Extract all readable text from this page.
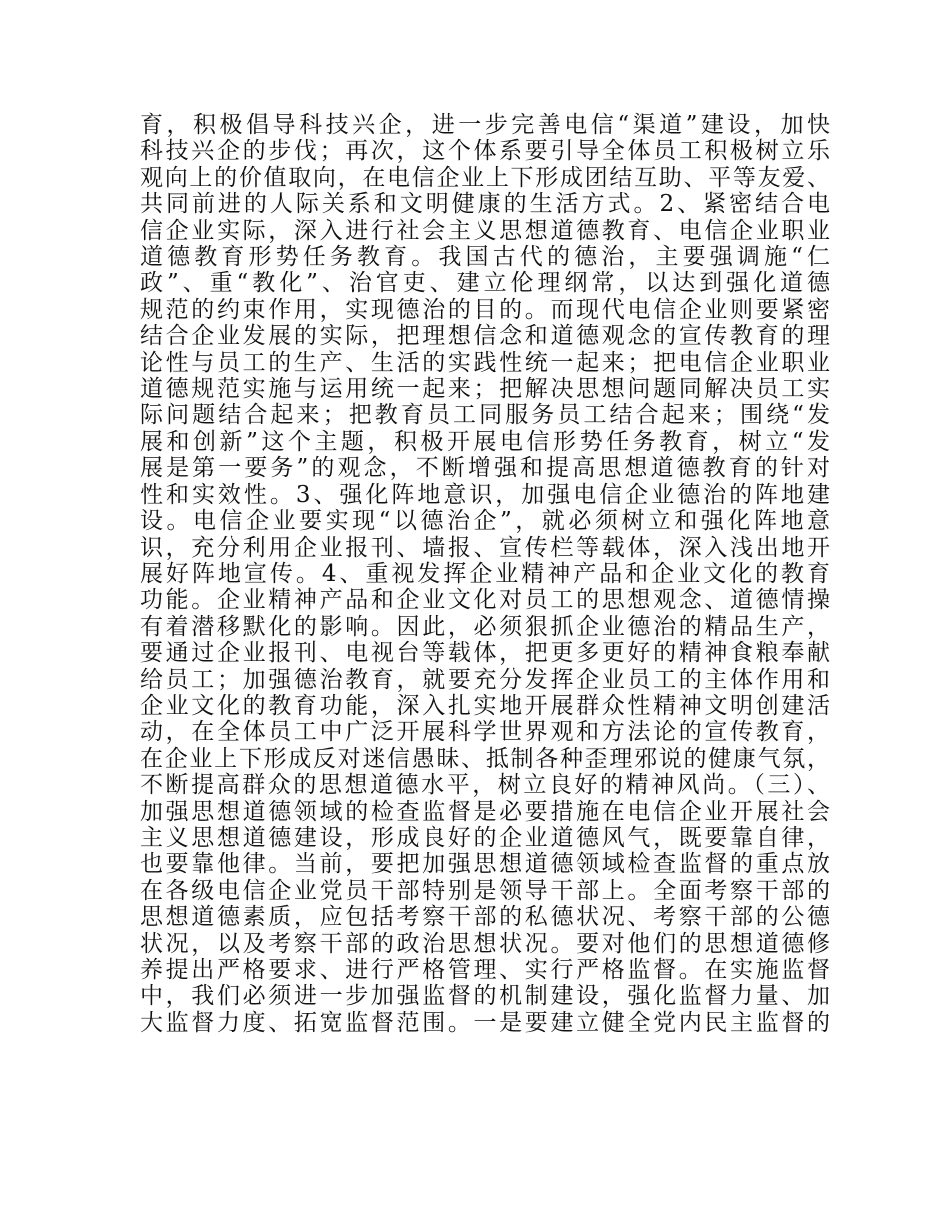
育，积极倡导科技兴企，进一步完善电信“渠道”建设，加快
科技兴企的步伐；再次，这个体系要引导全体员工积极树立乐
观向上的价值取向，在电信企业上下形成团结互助、平等友爱、
共同前进的人际关系和文明健康的生活方式。2、紧密结合电
信企业实际，深入进行社会主义思想道德教育、电信企业职业
道德教育形势任务教育。我国古代的德治，主要强调施“仁
政”、重“教化”、治官吏、建立伦理纲常，以达到强化道德
规范的约束作用，实现德治的目的。而现代电信企业则要紧密
结合企业发展的实际，把理想信念和道德观念的宣传教育的理
论性与员工的生产、生活的实践性统一起来；把电信企业职业
道德规范实施与运用统一起来；把解决思想问题同解决员工实
际问题结合起来；把教育员工同服务员工结合起来；围绕“发
展和创新”这个主题，积极开展电信形势任务教育，树立“发
展是第一要务”的观念，不断增强和提高思想道德教育的针对
性和实效性。3、强化阵地意识，加强电信企业德治的阵地建
设。电信企业要实现“以德治企”，就必须树立和强化阵地意
识，充分利用企业报刊、墙报、宣传栏等载体，深入浅出地开
展好阵地宣传。4、重视发挥企业精神产品和企业文化的教育
功能。企业精神产品和企业文化对员工的思想观念、道德情操
有着潜移默化的影响。因此，必须狠抓企业德治的精品生产，
要通过企业报刊、电视台等载体，把更多更好的精神食粮奉献
给员工；加强德治教育，就要充分发挥企业员工的主体作用和
企业文化的教育功能，深入扎实地开展群众性精神文明创建活
动，在全体员工中广泛开展科学世界观和方法论的宣传教育，
在企业上下形成反对迷信愚昧、抵制各种歪理邪说的健康气氛，
不断提高群众的思想道德水平，树立良好的精神风尚。（三）、
加强思想道德领域的检查监督是必要措施在电信企业开展社会
主义思想道德建设，形成良好的企业道德风气，既要靠自律，
也要靠他律。当前，要把加强思想道德领域检查监督的重点放
在各级电信企业党员干部特别是领导干部上。全面考察干部的
思想道德素质，应包括考察干部的私德状况、考察干部的公德
状况，以及考察干部的政治思想状况。要对他们的思想道德修
养提出严格要求、进行严格管理、实行严格监督。在实施监督
中，我们必须进一步加强监督的机制建设，强化监督力量、加
大监督力度、拓宽监督范围。一是要建立健全党内民主监督的
